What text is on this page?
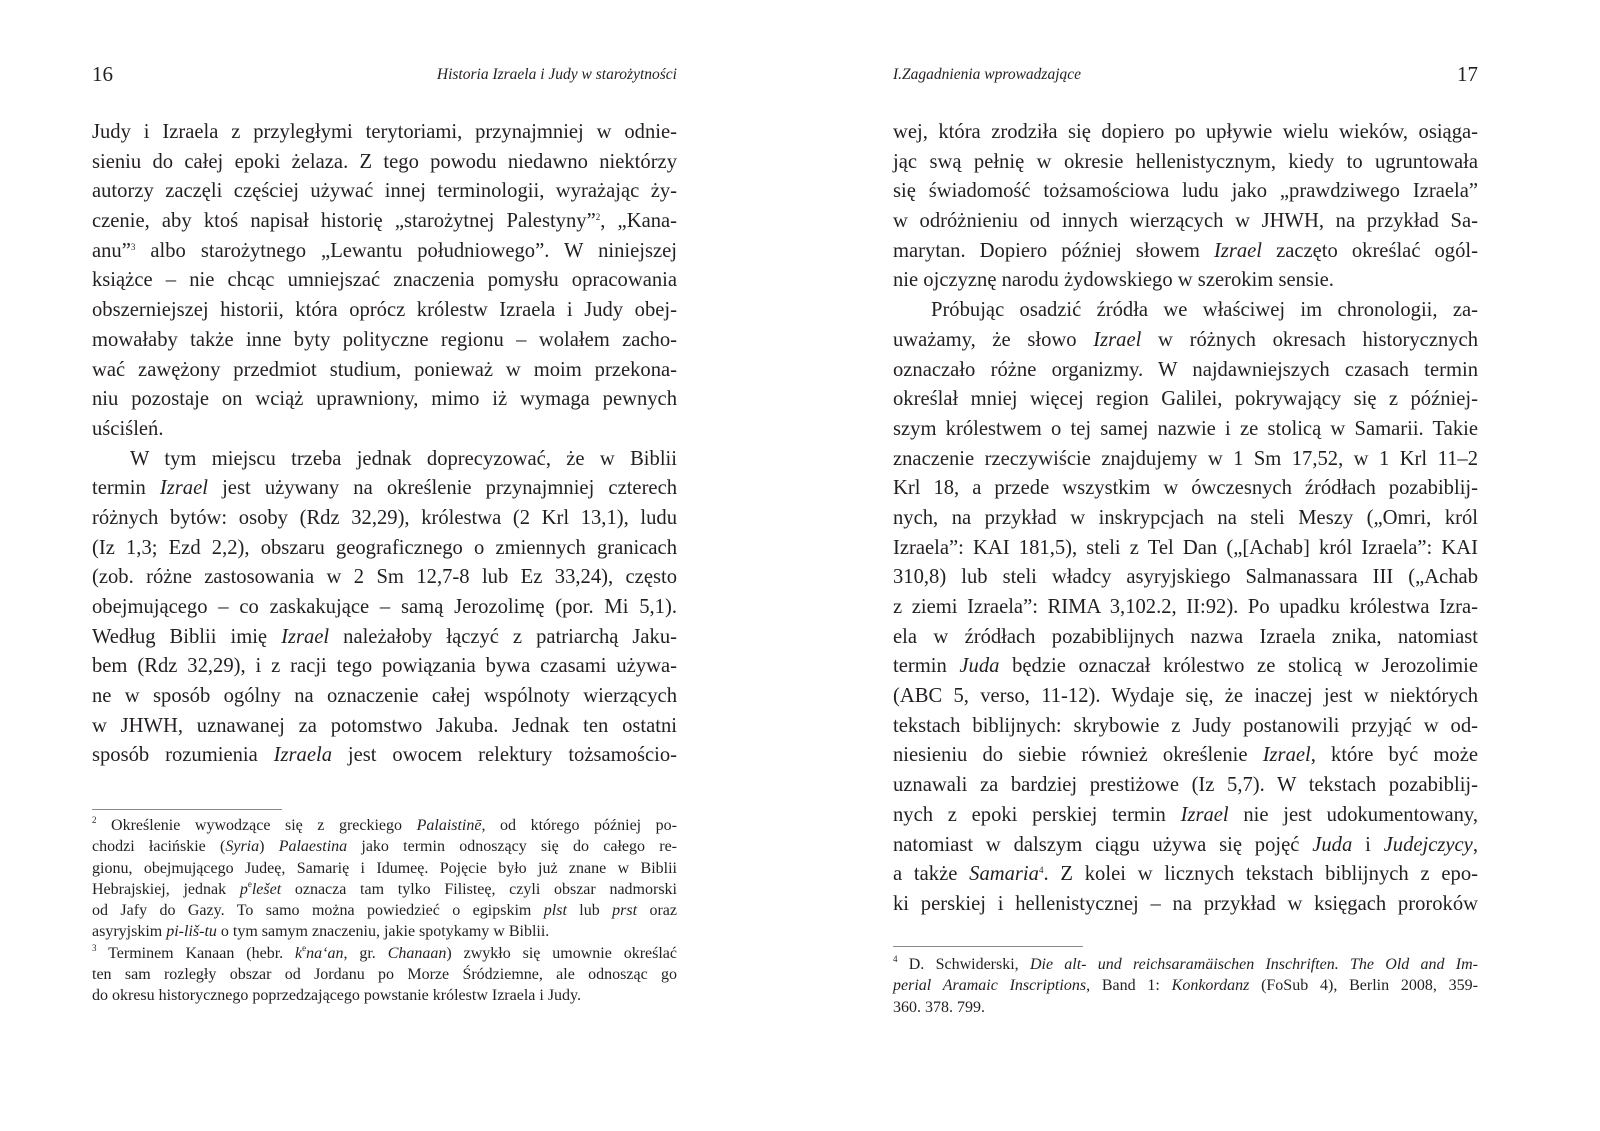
16	Historia Izraela i Judy w starożytności
Judy i Izraela z przyległymi terytoriami, przynajmniej w odnie-
sieniu do całej epoki żelaza. Z tego powodu niedawno niektórzy
autorzy zaczęli częściej używać innej terminologii, wyrażając ży-
czenie, aby ktoś napisał historię „starożytnej Palestyny”$^2$, „Kana-
anu”$^3$ albo starożytnego „Lewantu południowego”. W niniejszej
książce – nie chcąc umniejszać znaczenia pomysłu opracowania
obszerniejszej historii, która oprócz królestw Izraela i Judy obej-
mowałaby także inne byty polityczne regionu – wolałem zacho-
wać zawężony przedmiot studium, ponieważ w moim przekona-
niu pozostaje on wciąż uprawniony, mimo iż wymaga pewnych
uściśleń.
W tym miejscu trzeba jednak doprecyzować, że w Biblii
termin Izrael jest używany na określenie przynajmniej czterech
różnych bytów: osoby (Rdz 32,29), królestwa (2 Krl 13,1), ludu
(Iz 1,3; Ezd 2,2), obszaru geograficznego o zmiennych granicach
(zob. różne zastosowania w 2 Sm 12,7-8 lub Ez 33,24), często
obejmującego – co zaskakujące – samą Jerozolimę (por. Mi 5,1).
Według Biblii imię Izrael należałoby łączyć z patriarchą Jaku-
bem (Rdz 32,29), i z racji tego powiązania bywa czasami używa-
ne w sposób ogólny na oznaczenie całej wspólnoty wierzących
w JHWH, uznawanej za potomstwo Jakuba. Jednak ten ostatni
sposób rozumienia Izraela jest owocem relektury tożsamościo-
$^2$ Określenie wywodzące się z greckiego Palaistinē, od którego później po-
chodzi łacińskie (Syria) Palaestina jako termin odnoszący się do całego re-
gionu, obejmującego Judeę, Samarię i Idumeę. Pojęcie było już znane w Biblii
Hebrajskiej, jednak $p^elešet$ oznacza tam tylko Filisteę, czyli obszar nadmorski
od Jafy do Gazy. To samo można powiedzieć o egipskim plst lub prst oraz
asyryjskim pi-liš-tu o tym samym znaczeniu, jakie spotykamy w Biblii.
$^3$ Terminem Kanaan (hebr. $k^ena‘an$, gr. Chanaan) zwykło się umownie określać
ten sam rozległy obszar od Jordanu po Morze Śródziemne, ale odnosząc go
do okresu historycznego poprzedzającego powstanie królestw Izraela i Judy.
I.Zagadnienia wprowadzające	17
wej, która zrodziła się dopiero po upływie wielu wieków, osiąga-
jąc swą pełnię w okresie hellenistycznym, kiedy to ugruntowała
się świadomość tożsamościowa ludu jako „prawdziwego Izraela”
w odróżnieniu od innych wierzących w JHWH, na przykład Sa-
marytan. Dopiero później słowem Izrael zaczęto określać ogól-
nie ojczyznę narodu żydowskiego w szerokim sensie.
Próbując osadzić źródła we właściwej im chronologii, za-
uważamy, że słowo Izrael w różnych okresach historycznych
oznaczało różne organizmy. W najdawniejszych czasach termin
określał mniej więcej region Galilei, pokrywający się z później-
szym królestwem o tej samej nazwie i ze stolicą w Samarii. Takie
znaczenie rzeczywiście znajdujemy w 1 Sm 17,52, w 1 Krl 11–2
Krl 18, a przede wszystkim w ówczesnych źródłach pozabiblij-
nych, na przykład w inskrypcjach na steli Meszy („Omri, król
Izraela”: KAI 181,5), steli z Tel Dan („[Achab] król Izraela”: KAI
310,8) lub steli władcy asyryjskiego Salmanassara III („Achab
z ziemi Izraela”: RIMA 3,102.2, II:92). Po upadku królestwa Izra-
ela w źródłach pozabiblijnych nazwa Izraela znika, natomiast
termin Juda będzie oznaczał królestwo ze stolicą w Jerozolimie
(ABC 5, verso, 11-12). Wydaje się, że inaczej jest w niektórych
tekstach biblijnych: skrybowie z Judy postanowili przyjąć w od-
niesieniu do siebie również określenie Izrael, które być może
uznawali za bardziej prestiżowe (Iz 5,7). W tekstach pozabiblij-
nych z epoki perskiej termin Izrael nie jest udokumentowany,
natomiast w dalszym ciągu używa się pojęć Juda i Judejczycy,
a także Samaria$^4$. Z kolei w licznych tekstach biblijnych z epo-
ki perskiej i hellenistycznej – na przykład w księgach proroków
$^4$ D. Schwiderski, Die alt- und reichsaramäischen Inschriften. The Old and Im-
perial Aramaic Inscriptions, Band 1: Konkordanz (FoSub 4), Berlin 2008, 359-
360. 378. 799.
